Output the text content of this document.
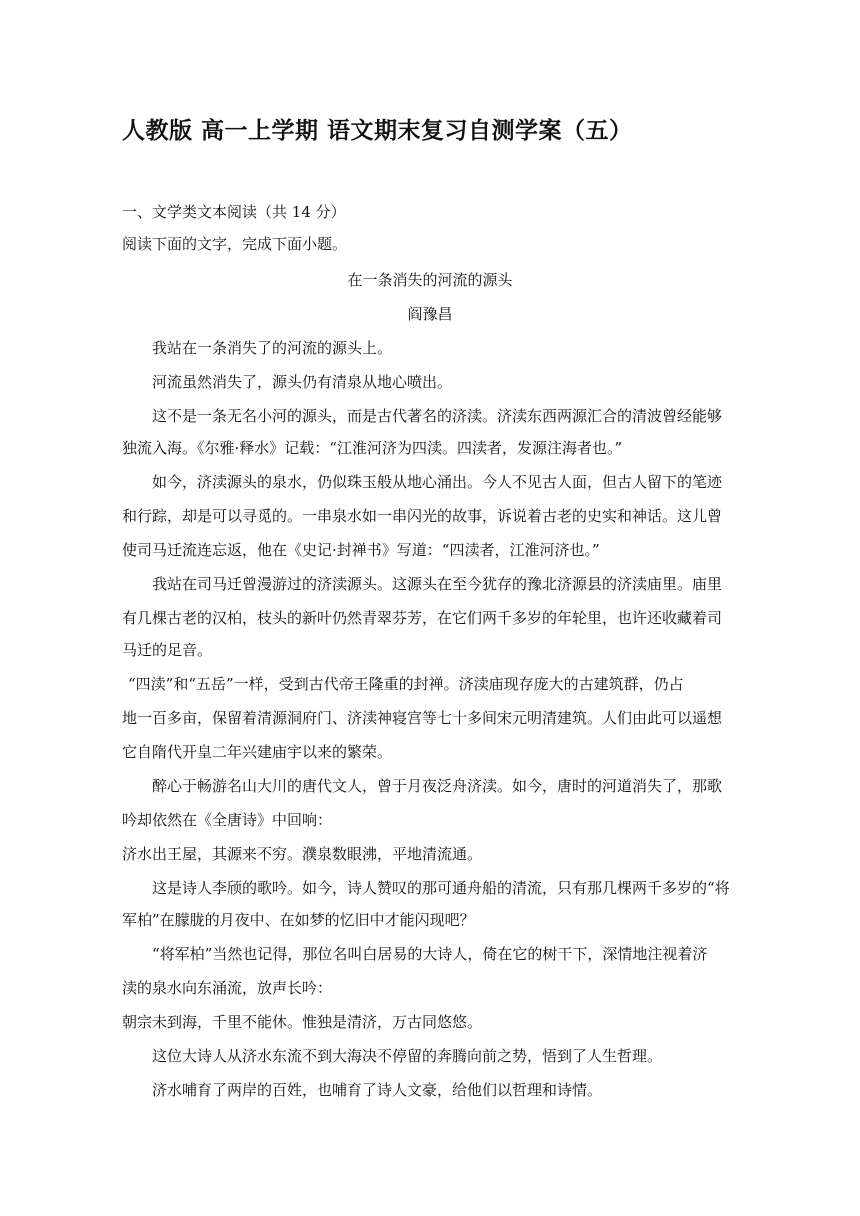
人教版 高一上学期 语文期末复习自测学案（五）
一、文学类文本阅读（共 14 分）
阅读下面的文字，完成下面小题。
在一条消失的河流的源头
阎豫昌
我站在一条消失了的河流的源头上。
河流虽然消失了，源头仍有清泉从地心喷出。
这不是一条无名小河的源头，而是古代著名的济渎。济渎东西两源汇合的清波曾经能够
独流入海。《尔雅·释水》记载：“江淮河济为四渎。四渎者，发源注海者也。”
如今，济渎源头的泉水，仍似珠玉般从地心涌出。今人不见古人面，但古人留下的笔迹
和行踪，却是可以寻觅的。一串泉水如一串闪光的故事，诉说着古老的史实和神话。这儿曾
使司马迁流连忘返，他在《史记·封禅书》写道：“四渎者，江淮河济也。”
我站在司马迁曾漫游过的济渎源头。这源头在至今犹存的豫北济源县的济渎庙里。庙里
有几棵古老的汉柏，枝头的新叶仍然青翠芬芳，在它们两千多岁的年轮里，也许还收藏着司
马迁的足音。
“四渎”和“五岳”一样，受到古代帝王隆重的封禅。济渎庙现存庞大的古建筑群，仍占
地一百多亩，保留着清源洞府门、济渎神寝宫等七十多间宋元明清建筑。人们由此可以遥想
它自隋代开皇二年兴建庙宇以来的繁荣。
醉心于畅游名山大川的唐代文人，曾于月夜泛舟济渎。如今，唐时的河道消失了，那歌
吟却依然在《全唐诗》中回响：
济水出王屋，其源来不穷。濮泉数眼沸，平地清流通。
这是诗人李颀的歌吟。如今，诗人赞叹的那可通舟船的清流，只有那几棵两千多岁的“将
军柏”在朦胧的月夜中、在如梦的忆旧中才能闪现吧？
“将军柏”当然也记得，那位名叫白居易的大诗人，倚在它的树干下，深情地注视着济
渎的泉水向东涌流，放声长吟：
朝宗未到海，千里不能休。惟独是清济，万古同悠悠。
这位大诗人从济水东流不到大海决不停留的奔腾向前之势，悟到了人生哲理。
济水哺育了两岸的百姓，也哺育了诗人文豪，给他们以哲理和诗情。
